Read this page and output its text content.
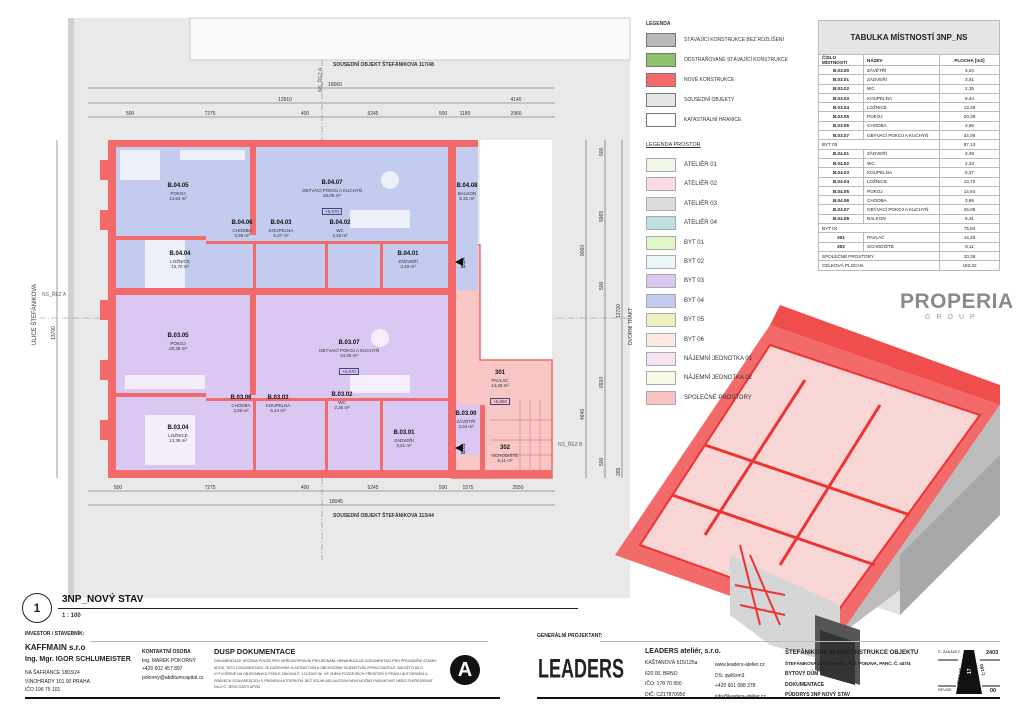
SOUSEDNÍ OBJEKT ŠTEFÁNIKOVA 117/48
SOUSEDNÍ OBJEKT ŠTEFÁNIKOVA 113/44
ULICE ŠTEFÁNIKOVA	DVORNÍ TRAKT
NS_ŘEZ A
NS_ŘEZ A
NS_ŘEZ B
18060
13910	4140
500	7275	400	5245	500 1180	2960
500	7275	400	5245	500	1575	2550
18045
13700
9060
4640
500
5965
500
6910
500
265
13700
B.04
B.03
B.04.05
POKOJ
14,64 m²
B.04.07
OBÝVACÍ POKOJ A KUCHYŇ
26,05 m²
+6,970
B.04.08
BALKON
5,31 m²
B.04.06
CHODBA
3,95 m²
B.04.03
KOUPELNA
6,37 m²
B.04.02
WC
2,33 m²
B.04.04
LOŽNICE
13,70 m²
B.04.01
ZÁDVEŘÍ
3,49 m²
B.03.05
POKOJ
20,39 m²
B.03.07
OBÝVACÍ POKOJ A KUCHYŇ
34,06 m²
+6,970
B.03.06
CHODBA
3,95 m²
B.03.03
KOUPELNA
6,44 m²
B.03.02
WC
2,35 m²
B.03.04
LOŽNICE
13,39 m²
B.03.01
ZÁDVEŘÍ
3,51 m²
B.03.00
ZÁVĚTŘÍ
3,04 m²
301
PAVLAČ
14,25 m²
+6,950
302
SCHODIŠTĚ
6,11 m²
1
3NP_NOVÝ STAV
1 : 100
LEGENDA
STÁVAJÍCÍ KONSTRUKCE BEZ ROZLIŠENÍ
ODSTRAŇOVANÉ STÁVAJÍCÍ KONSTRUKCE
NOVÉ KONSTRUKCE
SOUSEDNÍ OBJEKTY
KATASTRÁLNÍ HRANICE
LEGENDA PROSTOR
ATELIÉR 01
ATELIÉR 02
ATELIÉR 03
ATELIÉR 04
BYT 01
BYT 02
BYT 03
BYT 04
BYT 05
BYT 06
NÁJEMNÍ JEDNOTKA 01
NÁJEMNÍ JEDNOTKA 02
SPOLEČNÉ PROSTORY
TABULKA MÍSTNOSTÍ 3NP_NS		
ČÍSLO MÍSTNOSTI	NÁZEV	PLOCHA [m2]
B.03.00	ZÁVĚTŘÍ	3,04
B.03.01	ZÁDVEŘÍ	3,51
B.03.02	WC	2,35
B.03.03	KOUPELNA	6,44
B.03.04	LOŽNICE	13,39
B.03.05	POKOJ	20,39
B.03.06	CHODBA	3,95
B.03.07	OBÝVACÍ POKOJ A KUCHYŇ	34,06
BYT 03		87,13
B.04.01	ZÁDVEŘÍ	3,49
B.04.02	WC	2,33
B.04.03	KOUPELNA	6,37
B.04.04	LOŽNICE	13,70
B.04.05	POKOJ	14,64
B.04.06	CHODBA	3,95
B.04.07	OBÝVACÍ POKOJ A KUCHYŇ	26,05
B.04.08	BALKON	5,31
BYT 04		75,84
301	PAVLAČ	14,25
302	SCHODIŠTĚ	6,11
SPOLEČNÉ PROSTORY		20,35
CELKOVÁ PLOCHA		183,32
PROPERIA
GROUP
INVESTOR / STAVEBNÍK:
KAFFMAIN s.r.o
Ing. Mgr. IGOR SCHLUMEISTER
NA ŠAFRÁNCE 1803/24
VINOHRADY 101 00 PRAHA
IČO 196 75 101
KONTAKTNÍ OSOBA
Ing. MAREK POKORNÝ
+420 602 457 897
pokorny@abditumcapital.cz
DUSP DOKUMENTACE
DOKUMENTACE URČENA POUZE PRO VEŘEJNOPRÁVNÍ PROJEDNÁNÍ, NENAHRAZUJE DOKUMENTACI PRO PROVÁDĚNÍ STAVBY APOD. TATO DOKUMENTACE JE DUŠEVNÍM VLASTNICTVÍM A OBCHODNÍM TAJEMSTVÍM ZPRACOVATELE, JAKOŽTO DÍLO VYTVOŘENÉ NA OBJEDNÁVKU PODLE ZÁKONA Č. 121/2000 Sb. VE ZNĚNÍ POZDĚJŠÍCH PŘEDPISŮ O PRÁVU AUTORSKÉM A PRÁVECH SOUVISEJÍCÍCH S PRÁVEM AUTORSKÝM. BEZ SOUHLASU AUTORA NENÍ MOŽNO PUBLIKOVAT NEBO ZVEŘEJŇOVAT DÍLO Č. JEHO ČÁSTI APOD.
A
GENERÁLNÍ PROJEKTANT:
LEADERS
LEADERS ateliér, s.r.o.
KAŠTANOVÁ 515/125a
620 00, BRNO
IČO: 178 70 950
DIČ: CZ17870950
www.leaders-atelier.cz
DS: qwl6xm3
+420 601 088 378
info@leaders-atelier.cz
ŠTEFÁNIKOVA 46 REKONSTRUKCE OBJEKTU
ŠTEFÁNIKOVA 115/46, BRNO, K.Ú. PONAVA, PARC. Č. 447/4
BYTOVÝ DŮM
DOKUMENTACE
PŮDORYS 3NP NOVÝ STAV
Č. ZAKÁZKY	2403
REVIZE	00
2024-05 17 1:100
